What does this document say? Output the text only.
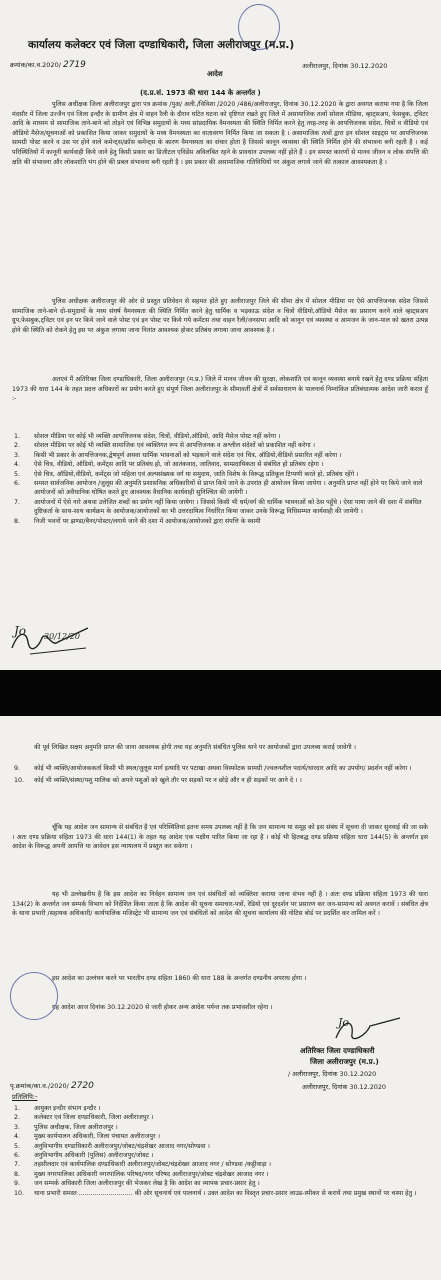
कार्यालय कलेक्टर एवं जिला दण्डाधिकारी, जिला अलीराजपुर (म.प्र.)
क्रमांक/का.व.2020/ 2719
आदेश
अलीराजपुर, दिनांक 30.12.2020
(द.प्र.सं. 1973 की धारा 144 के अन्तर्गत )

पुलिस अधीक्षक जिला अलीराजपुर द्वारा पत्र क्रमांक /पुअ/ अली./विविशा /2020 /486/अलीराजपुर, दिनांक 30.12.2020 के द्वारा अवगत कराया गया है कि जिला मंदसौर में जिला उज्जैन एवं जिला इन्दौर के ग्रामीण क्षेत्र में वाहन रैली के दौरान घटित घटना को दृष्टिगत रखते हुए जिले में असामाजिक तत्वों सोशल मीडिया, व्हाट्सअप, फेसबुक, ट्विटर आदि के माध्यम से सामाजिक ताने-बाने को तोड़ने एवं विभिन्न समुदायों के मध्य सांप्रदायिक वैमनस्यता की स्थिति निर्मित करने हेतु तरह-तरह के आपत्तिजनक संदेश, चित्रों व वीडियो एवं ऑडियो मैसेज/सूचनाओं को प्रकाशित किया जाकर समुदायों के मध्य वैमनस्यता का वातावरण निर्मित किया जा सकता है । असामाजिक तत्वों द्वारा इन सोशल साइट्स पर आपत्तिजनक सामग्री पोस्ट करने व उस पर होने वाले कमेन्ट्स/क्रॉस कमेन्ट्स के कारण वैमनस्यता का संचार होता है जिससे कानून व्यवस्था की स्थिति निर्मित होने की संभावना बनी रहती है । कई परिस्थितियों में कानूनी कार्यवाही किये जाने हेतु किसी प्रकार का डिजीटल एविडेंस अविलंबित रहने के प्रावधान उपलब्ध नहीं होते हैं । इन समस्त कारणों से मानव जीवन व लोक संपत्ति की क्षति की संभावना और लोकशांति भंग होने की प्रबल संभावना बनी रहती है । इस प्रकार की असामाजिक गतिविधियों पर अंकुश लगाये जाने की तत्काल आवश्यकता है ।

पुलिस अधीक्षक अलीराजपुर की ओर से प्रस्तुत प्रतिवेदन से सहमत होते हुए अलीराजपुर जिले की सीमा क्षेत्र में सोशल मीडिया पर ऐसे आपत्तिजनक संदेश जिससे सामाजिक ताने-बाने दो-समुदायों के मध्य संघर्ष वैमनस्यता की स्थिति निर्मित करने हेतु धार्मिक व भड़काऊ संदेश व चित्रों वीडियो,ऑडियो मैसेज का प्रसारण करने वाले व्हाट्सअप ग्रुप,फेसबुक,ट्विटर एवं इन पर किये जाने वाले पोस्ट एवं इन पोस्ट पर किये गये कमेंटस तथा वाहन रैली/जनसभा आदि को कानून एवं व्यवस्था व आमजन के जान-माल को खतरा उत्पन्न होने की स्थिति को रोकने हेतु इस पर अंकुश लगाया जाना नितांत आवश्यक होकर प्रतिबंध लगाया जाना आवश्यक है ।

अतएवं मैं अतिरिक्त जिला दण्डाधिकारी, जिला अलीराजपुर (म.प्र.) जिले में मानव जीवन की सुरक्षा, लोकशांति एवं कानून व्यवस्था बनाये रखने हेतु दण्ड प्रक्रिया संहिता 1973 की धारा 144 के तहत प्रदत्त अधिकारों का प्रयोग करते हुए संपूर्ण जिला अलीराजपुर के सीमावर्ती क्षेत्रों में सर्वसाधारण के पालनार्थ निम्नांकित प्रतिबंधात्मक आदेश जारी करता हूँ :-

1.	सोशल मीडिया पर कोई भी व्यक्ति आपत्तिजनक संदेश, चित्रों, वीडियो,ऑडियो, आदि मैसेज पोस्ट नहीं करेगा ।
2.	सोशल मीडिया पर कोई भी व्यक्ति सामाजिक एवं व्यक्तिगत रूप से आपत्तिजनक व अश्लील संदेशों को प्रकाशित नहीं करेगा ।
3.	किसी भी प्रकार के आपत्तिजनक,द्वेषपूर्ण अथवा धार्मिक भावनाओं को भड़काने वाले संदेश एवं चित्र, ऑडियो,वीडियो प्रसारित नहीं करेगा ।
4.	ऐसे चित्र, वीडियो, ऑडियो, कमेंट्स आदि पर प्रतिबंध हो, जो आतंकवाद, जातिवाद, साम्प्रदायिकता से संबंधित हो प्रतिबंध रहेगा ।
5.	ऐसे चित्र, ऑडियो,वीडियो, कमेंट्स जो महिला एवं अल्पसंख्यक वर्ग या समुदाय, जाति विशेष के विरूद्ध प्रतिकूल टिप्पणी करते हो, प्रतिबंध रहेंगे ।
6.	समस्त सार्वजनिक आयोजन /जुलूस की अनुमति प्रशासनिक अधिकारियों से प्राप्त किये जाने के उपरांत ही आयोजन किया जायेगा । अनुमति प्राप्त नहीं होने पर किये जाने वाले आयोजनों को अवैधानिक घोषित करते हुए आवश्यक वैधानिक कार्यवाही सुनिश्चित की जायेगी ।
7.	आयोजनों में ऐसे नारे अथवा उत्तेजित शब्दों का प्रयोग नहीं किया जायेगा । जिससे किसी भी धर्म/वर्ग की धार्मिक भावनाओं को ठेस पहुँचे । ऐसा पाया जाने की दशा में संबंधित दुष्टिकर्ता के साथ-साथ कार्यक्रम के आयोजक/आयोजकों का भी उत्तरदायित्व निर्धारित किया जाकर उनके विरूद्ध विधिसम्मत कार्यवाही की जायेगी ।
8.	निजी भवनों पर झण्डा/बैनर/पोस्टर/लगाये जाने की दशा में आयोजक/आयोजकों द्वारा संपत्ति के स्वामी
Jo 30/12/20

की पूर्व लिखित सक्षम अनुमति प्राप्त की जाना आवश्यक होगी तथा यह अनुमति संबंधित पुलिस थाने पर आयोजकों द्वारा उपलब्ध कराई जावेगी ।

9.	कोई भी व्यक्ति/आयोजककर्ता किसी भी स्थल/जुलूस मार्ग इत्यादि पर पटाखा अथवा विस्फोटक सामग्री /ज्वलनशील पदार्थ/धारदार आदि का उपयोग/ प्रदर्शन नहीं करेगा ।
10.	कोई भी व्यक्ति/संस्था/पशु मालिक को अपने पशुओं को खुले तौर पर सड़कों पर न छोड़े और न ही सड़कों पर आने दे । ।

चूँकि यह आदेश जन सामान्य से संबंधित है एवं परिस्थितियां इतना समय उपलब्ध नहीं है कि जन सामान्य या समूह को इस संबंध में सूचना दी जाकर सुनवाई की जा सके । अतः दण्ड प्रक्रिया संहिता 1973 की धारा 144(1) के तहत यह आदेश एक पक्षीय पारित किया जा रहा है । कोई भी हितबद्ध दण्ड प्रक्रिया संहिता धारा 144(5) के अन्तर्गत इस आदेश के विरूद्ध अपनी आपत्ति या आवेदन इस न्यायालय में प्रस्तुत कर सकेगा ।

यह भी उल्लेखनीय है कि इस आदेश का निर्वहन सामान्य जन एवं संबंधितों को व्यक्तिशः कराया जाना संभव नहीं है । अतः दण्ड प्रक्रिया संहिता 1973 की धारा 134(2) के अन्तर्गत जन सम्पर्क विभाग को निर्देशित किया जाता है कि आदेश की सूचना समाचार-पत्रों, रेडियो एवं दूरदर्शन पर प्रसारण कर जन-सामान्य को अवगत करावें । संबंधित क्षेत्र के थाना प्रभारी /सहायक अधिकारी/ कार्यपालिक मजिस्ट्रेट भी सामान्य जन एवं संबंधितों को आदेश की सूचना कार्यालय की नोटिस बोर्ड पर प्रदर्शित कर तामिल करें ।

इस आदेश का उल्लंघन करने पर भारतीय दण्ड संहिता 1860 की धारा 188 के अन्तर्गत दण्डनीय अपराध होगा ।

यह आदेश आज दिनांक 30.12.2020 से जारी होकर अन्य आदेश पर्यन्त तक प्रभावशील रहेगा ।

Jo
अतिरिक्त जिला दण्डाधिकारी
जिला अलीराजपुर (म.प्र.)
/ अलीराजपुर, दिनांक 30.12.2020
पृ.क्रमांक/का.व./2020/ 2720	अलीराजपुर, दिनांक 30.12.2020
प्रतिलिपि:-
1.	आयुक्त इन्दौर संभाग इन्दौर ।
2.	कलेक्टर एवं जिला दण्डाधिकारी, जिला अलीराजपुर ।
3.	पुलिस अधीक्षक, जिला अलीराजपुर ।
4.	मुख्य कार्यपालन अधिकारी, जिला पंचायत अलीराजपुर ।
5.	अनुविभागीय दण्डाधिकारी अलीराजपुर/जोबट/चंद्रशेखर आजाद नगर/सोण्डवा ।
6.	अनुविभागीय अधिकारी (पुलिस) अलीराजपुर/जोबट ।
7.	तहसीलदार एवं कार्यपालिक दण्डाधिकारी अलीराजपुर/जोबट/चंद्रशेखर आजाद नगर / सोण्डवा /कट्ठीवाड़ा ।
8.	मुख्य नगरपालिका अधिकारी नगरपालिक परिषद/नगर परिषद अलीराजपुर/जोबट चंद्रशेखर आजाद नगर ।
9.	जन सम्पर्क अधिकारी जिला अलीराजपुर की भेजकर लेख है कि आदेश का व्यापक प्रचार-प्रसार हेतु ।
10.	थाना प्रभारी समस्त ........................... की ओर सूचनार्थ एवं पालनार्थ । उक्त आदेश का विस्तृत प्रचार-प्रसार लाउड-स्पीकर से करायें तथा प्रमुख स्थानों पर चस्पा हेतु ।
